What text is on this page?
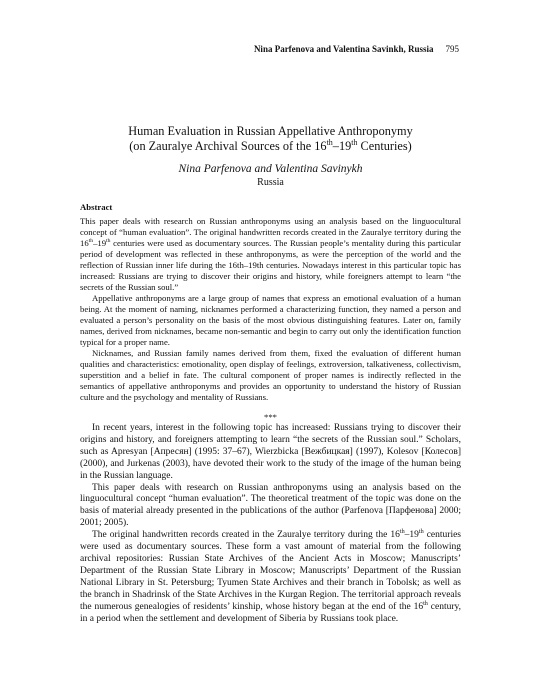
Nina Parfenova and Valentina Savinkh, Russia 795
Human Evaluation in Russian Appellative Anthroponymy
(on Zauralye Archival Sources of the 16th–19th Centuries)
Nina Parfenova and Valentina Savinykh
Russia
Abstract

This paper deals with research on Russian anthroponyms using an analysis based on the linguocultural concept of “human evaluation”. The original handwritten records created in the Zauralye territory during the 16th–19th centuries were used as documentary sources. The Russian people’s mentality during this particular period of development was reflected in these anthroponyms, as were the perception of the world and the reflection of Russian inner life during the 16th–19th centuries. Nowadays interest in this particular topic has increased: Russians are trying to discover their origins and history, while foreigners attempt to learn “the secrets of the Russian soul.”

Appellative anthroponyms are a large group of names that express an emotional evaluation of a human being. At the moment of naming, nicknames performed a characterizing function, they named a person and evaluated a person’s personality on the basis of the most obvious distinguishing features. Later on, family names, derived from nicknames, became non-semantic and begin to carry out only the identification function typical for a proper name.

Nicknames, and Russian family names derived from them, fixed the evaluation of different human qualities and characteristics: emotionality, open display of feelings, extroversion, talkativeness, collectivism, superstition and a belief in fate. The cultural component of proper names is indirectly reflected in the semantics of appellative anthroponyms and provides an opportunity to understand the history of Russian culture and the psychology and mentality of Russians.

***

In recent years, interest in the following topic has increased: Russians trying to discover their origins and history, and foreigners attempting to learn “the secrets of the Russian soul.” Scholars, such as Apresyan [Апресян] (1995: 37–67), Wierzbicka [Вежбицкая] (1997), Kolesov [Колесов] (2000), and Jurkenas (2003), have devoted their work to the study of the image of the human being in the Russian language.

This paper deals with research on Russian anthroponyms using an analysis based on the linguocultural concept “human evaluation”. The theoretical treatment of the topic was done on the basis of material already presented in the publications of the author (Parfenova [Парфенова] 2000; 2001; 2005).

The original handwritten records created in the Zauralye territory during the 16th–19th centuries were used as documentary sources. These form a vast amount of material from the following archival repositories: Russian State Archives of the Ancient Acts in Moscow; Manuscripts’ Department of the Russian State Library in Moscow; Manuscripts’ Department of the Russian National Library in St. Petersburg; Tyumen State Archives and their branch in Tobolsk; as well as the branch in Shadrinsk of the State Archives in the Kurgan Region. The territorial approach reveals the numerous genealogies of residents’ kinship, whose history began at the end of the 16th century, in a period when the settlement and development of Siberia by Russians took place.
